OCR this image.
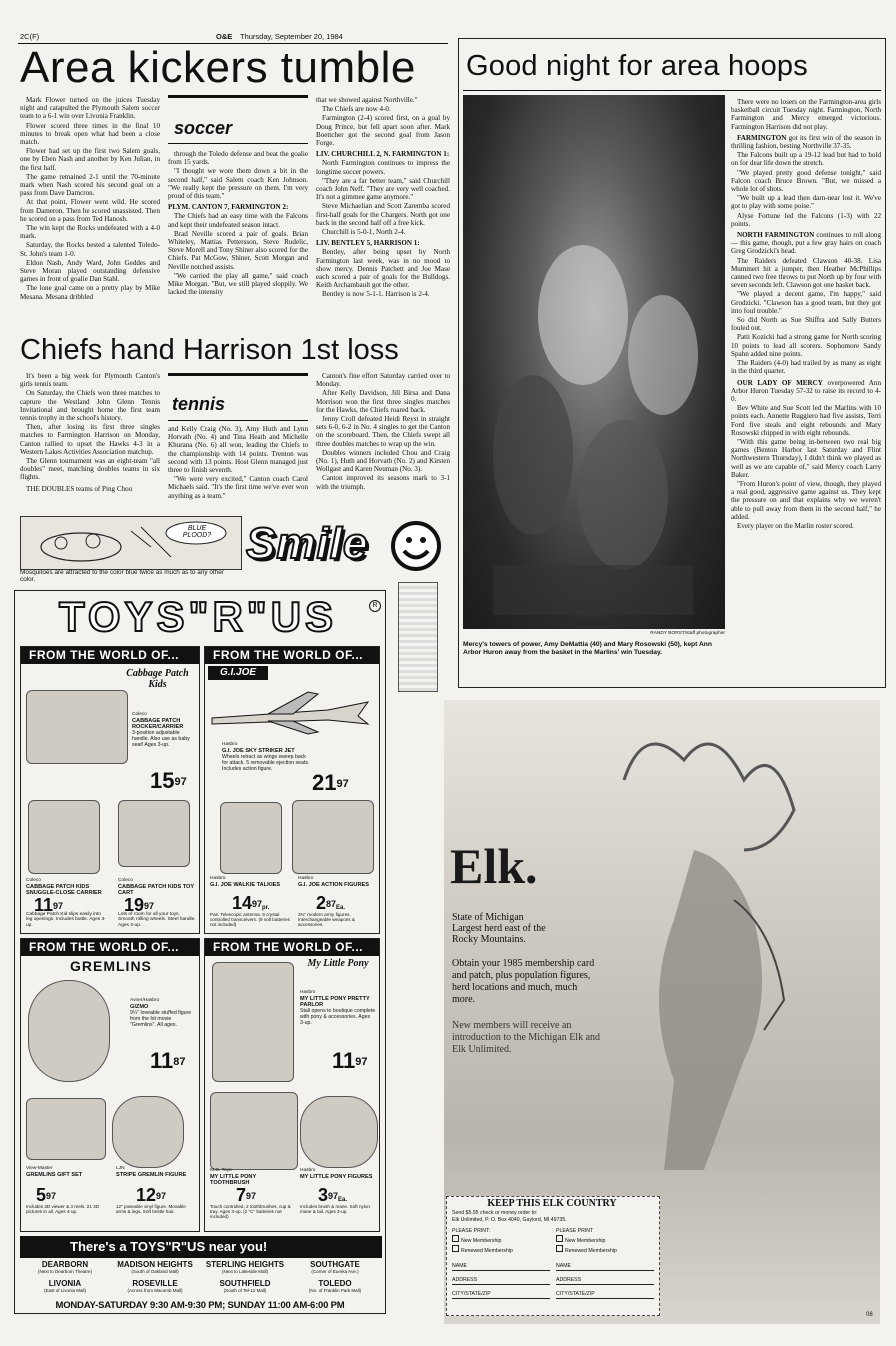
2C(F)	O&E Thursday, September 20, 1984
Area kickers tumble

Mark Flower turned on the juices Tuesday night and catapulted the Plymouth Salem soccer team to a 6-1 win over Livonia Franklin.

Flower scored three times in the final 10 minutes to break open what had been a close match.

Flower had set up the first two Salem goals, one by Eben Nash and another by Ken Julian, in the first half.

The game remained 2-1 until the 70-minute mark when Nash scored his second goal on a pass from Dave Damcron.

At that point, Flower went wild. He scored from Dameron. Then he scored unassisted. Then he scored on a pass from Ted Hanosh.

The win kept the Rocks undefeated with a 4-0 mark.

Saturday, the Rocks bested a talented Toledo-St. John's team 1-0.

Eldon Nash, Andy Ward, John Geddes and Steve Moran played outstanding defensive games in front of goalie Dan Stahl.

The lone goal came on a pretty play by Mike Mesana. Mesana dribbled

soccer

through the Toledo defense and beat the goalie from 15 yards.

"I thought we wore them down a bit in the second half," said Salem coach Ken Johnson. "We really kept the pressure on them. I'm very proud of this team."

PLYM. CANTON 7, FARMINGTON 2:

The Chiefs had an easy time with the Falcons and kept their undefeated season intact.

Brad Neville scored a pair of goals. Brian Whiteley, Mattias Pettersson, Steve Rudelic, Steve Morell and Tony Shiner also scored for the Chiefs. Pat McGow, Shiner, Scott Morgan and Neville notched assists.

"We carried the play all game," said coach Mike Morgan. "But, we still played sloppily. We lacked the intensity

that we showed against Northville."

The Chiefs are now 4-0.

Farmington (2-4) scored first, on a goal by Doug Prince, but fell apart soon after. Mark Boettcher got the second goal from Jason Forge.

LIV. CHURCHILL 2, N. FARMINGTON 1:

North Farmington continues to impress the longtime soccer powers.

"They are a far better team," said Churchill coach John Neff. "They are very well coached. It's not a gimmee game anymore."

Steve Michaelian and Scott Zaremba scored first-half goals for the Chargers. North got one back in the second half off a free kick.

Churchill is 5-0-1, North 2-4.

LIV. BENTLEY 5, HARRISON 1:

Bentley, after being upset by North Farmington last week, was in no mood to show mercy. Dennis Patchett and Joe Mase each scored a pair of goals for the Bulldogs. Keith Archambault got the other.

Bentley is now 5-1-1. Harrison is 2-4.

Chiefs hand Harrison 1st loss

It's been a big week for Plymouth Canton's girls tennis team.

On Saturday, the Chiefs won three matches to capture the Westland John Glenn Tennis Invitational and brought home the first team tennis trophy in the school's history.

Then, after losing its first three singles matches to Farmington Harrison on Monday, Canton rallied to upset the Hawks 4-3 in a Western Lakes Activities Association matchup.

The Glenn tournament was an eight-team "all doubles" meet, matching doubles teams in six flights.

THE DOUBLES teams of Ping Chou

tennis

and Kelly Craig (No. 3), Amy Huth and Lynn Horvath (No. 4) and Tina Heath and Michelle Khurana (No. 6) all won, leading the Chiefs to the championship with 14 points. Trenton was second with 13 points. Host Glenn managed just three to finish seventh.

"We were very excited," Canton coach Carol Michaels said. "It's the first time we've ever won anything as a team."

Canton's fine effort Saturday carried over to Monday.

After Kelly Davidson, Jill Birsa and Dana Morrison won the first three singles matches for the Hawks, the Chiefs roared back.

Jenny Croll defeated Heidi Reyst in straight sets 6-0, 6-2 in No. 4 singles to get the Canton on the scoreboard. Then, the Chiefs swept all three doubles matches to wrap up the win.

Doubles winners included Chou and Craig (No. 1), Huth and Horvath (No. 2) and Kirsten Wollgast and Karen Neuman (No. 3).

Canton improved its seasons mark to 3-1 with the triumph.

BLUE PLOOD?
Mosquitoes are attracted to the color blue twice as much as to any other color.
Smile
Good night for area hoops
RANDY BORST/staff photographer
Mercy's towers of power, Amy DeMattia (40) and Mary Rosowski (50), kept Ann Arbor Huron away from the basket in the Marlins' win Tuesday.

There were no losers on the Farmington-area girls basketball circuit Tuesday night. Farmington, North Farmington and Mercy emerged victorious. Farmington Harrison did not play.

FARMINGTON got its first win of the season in thrilling fashion, besting Northville 37-35.

The Falcons built up a 19-12 lead but had to hold on for dear life down the stretch.

"We played pretty good defense tonight," said Falcon coach Bruce Brown. "But, we missed a whole lot of shots.

"We built up a lead then darn-near lost it. We've got to play with some poise."

Alyse Fortune led the Falcons (1-3) with 22 points.

NORTH FARMINGTON continues to roll along — this game, though, put a few gray hairs on coach Greg Grodzicki's head.

The Raiders defeated Clawson 40-38. Lisa Mummert hit a jumper, then Heather McPhillips canned two free throws to put North up by four with seven seconds left. Clawson got one basket back.

"We played a decent game, I'm happy," said Grodzicki. "Clawson has a good team, but they got into foul trouble."

So did North as Sue Shiffra and Sally Butters fouled out.

Patti Kozicki had a strong game for North scoring 10 points to lead all scorers. Sophomore Sandy Spahn added nine points.

The Raiders (4-0) had trailed by as many as eight in the third quarter.

OUR LADY OF MERCY overpowered Ann Arbor Huron Tuesday 57-32 to raise its record to 4-0.

Bev White and Sue Scott led the Marlins with 10 points each. Annette Ruggiero had five assists, Terri Ford five steals and eight rebounds and Mary Rosowski chipped in with eight rebounds.

"With this game being in-between two real big games (Benton Harbor last Saturday and Flint Northwestern Thursday), I didn't think we played as well as we are capable of," said Mercy coach Larry Baker.

"From Huron's point of view, though, they played a real good, aggressive game against us. They kept the pressure on and that explains why we weren't able to pull away from them in the second half," he added.

Every player on the Marlin roster scored.

TOYS"R"US	R
FROM THE WORLD OF...
Cabbage Patch Kids
Coleco
CABBAGE PATCH ROCKER/CARRIER
3-position adjustable handle. Also use as baby seat! Ages 3-up.
$15^{97}$
Coleco
CABBAGE PATCH KIDS SNUGGLE-CLOSE CARRIER
$11^{97}$
Cabbage Patch Kid slips easily into leg openings. Includes bottle. Ages 3-up.
Coleco
CABBAGE PATCH KIDS TOY CART
$19^{97}$
Lots of room for all your toys. Smooth rolling wheels. Steel handle. Ages 3-up.
FROM THE WORLD OF...
G.I.JOE
Hasbro
G.I. JOE SKY STRIKER JET
Wheels retract as wings sweep back for attack. 5 removable ejection seats. Includes action figure.
$21^{97}$
Hasbro
G.I. JOE WALKIE TALKIES
$14^{97}pr$.
Pair. Telescopic antenna. 9 crystal controlled transceivers. (9 volt batteries not included)
Hasbro
G.I. JOE ACTION FIGURES
$2^{87}Ea$.
3¾" modern army figures. Interchangeable weapons & accessories.
FROM THE WORLD OF...
GREMLINS
Avner/Hasbro
GIZMO
9¼" loveable stuffed figure from the hit movie "Gremlins". All ages.
$11^{87}$
View-Master
GREMLINS GIFT SET
$5^{97}$
Includes 3D viewer & 3 reels. 21 3D pictures in all. Ages 4-up.
LJN
STRIPE GREMLIN FIGURE
$12^{97}$
12" poseable vinyl figure. Movable arms & legs. Soft bristle hair.
FROM THE WORLD OF...
My Little Pony
Hasbro
MY LITTLE PONY PRETTY PARLOR
Stall opens to boutique complete with pony & accessories. Ages 3-up.
$11^{97}$
M.G. Toys
MY LITTLE PONY TOOTHBRUSH
$7^{97}$
Touch controlled, 2 toothbrushes, cup & tray. Ages 3-up. (2 "C" batteries not included)
Hasbro
MY LITTLE PONY FIGURES
$3^{97}Ea$.
Includes brush & mane. Soft nylon mane & tail. Ages 3-up.
There's a TOYS"R"US near you!
DEARBORN
(Next to Dearborn Theatre)
MADISON HEIGHTS
(South of Oakland Mall)
STERLING HEIGHTS
(Next to Lakeside Mall)
SOUTHGATE
(Corner of Eureka Ave.)
LIVONIA
(East of Livonia Mall)
ROSEVILLE
(Across from Macomb Mall)
SOUTHFIELD
(South of Tel-12 Mall)
TOLEDO
(No. of Franklin Park Mall)
MONDAY-SATURDAY 9:30 AM-9:30 PM; SUNDAY 11:00 AM-6:00 PM
Elk.
State of Michigan
Largest herd east of the
Rocky Mountains.
Obtain your 1985 membership card and patch, plus population figures, herd locations and much, much more.
New members will receive an introduction to the Michigan Elk and Elk Unlimited.
KEEP THIS ELK COUNTRY
Send $5.95 check or money order to:
Elk Unlimited, P. O. Box 4040, Gaylord, MI 49735.
PLEASE PRINT:
New Membership
Renewed Membership
NAME
ADDRESS
CITY/STATE/ZIP
PLEASE PRINT
New Membership
Renewed Membership
NAME
ADDRESS
CITY/STATE/ZIP
08
